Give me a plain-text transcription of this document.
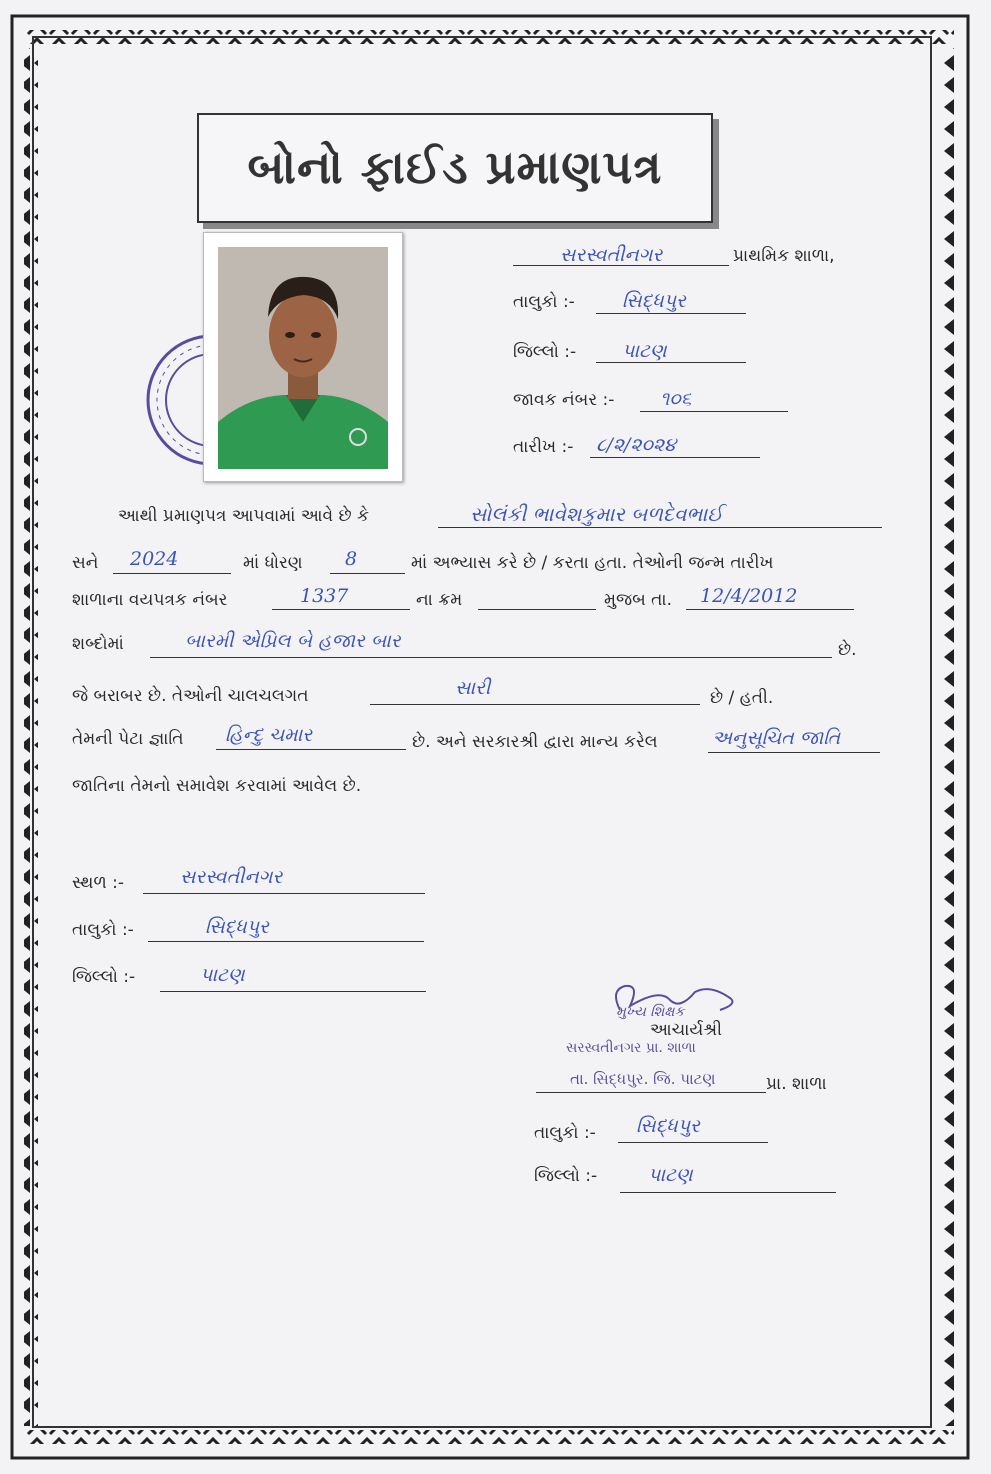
બોનો ફાઈડ પ્રમાણપત્ર
સરસ્વતીનગર	પ્રાથમિક શાળા,
તાલુકો :- સિદ્ધપુર
જિલ્લો :- પાટણ
જાવક નંબર :- ૧૦૬
તારીખ :- ૮/૨/૨૦૨૪
આથી પ્રમાણપત્ર આપવામાં આવે છે કે	સોલંકી ભાવેશકુમાર બળદેવભાઈ
સને 2024	માં ધોરણ 8	માં અભ્યાસ કરે છે / કરતા હતા. તેઓની જન્મ તારીખ
શાળાના વયપત્રક નંબર	1337	ના ક્રમ	મુજબ તા. 12/4/2012
શબ્દોમાં	બારમી એપ્રિલ બે હજાર બાર	છે.
જે બરાબર છે. તેઓની ચાલચલગત	સારી	છે / હતી.
તેમની પેટા જ્ઞાતિ હિન્દુ ચમાર	છે. અને સરકારશ્રી દ્વારા માન્ય કરેલ	અનુસૂચિત જાતિ
જાતિના તેમનો સમાવેશ કરવામાં આવેલ છે.
સ્થળ :-	સરસ્વતીનગર
તાલુકો :-	સિદ્ધપુર
જિલ્લો :-	પાટણ
મુખ્ય શિક્ષક
આચાર્યશ્રી
સરસ્વતીનગર પ્રા. શાળા
તા. સિદ્ધપુર. જિ. પાટણ	પ્રા. શાળા
તાલુકો :- સિદ્ધપુર
જિલ્લો :-	પાટણ
